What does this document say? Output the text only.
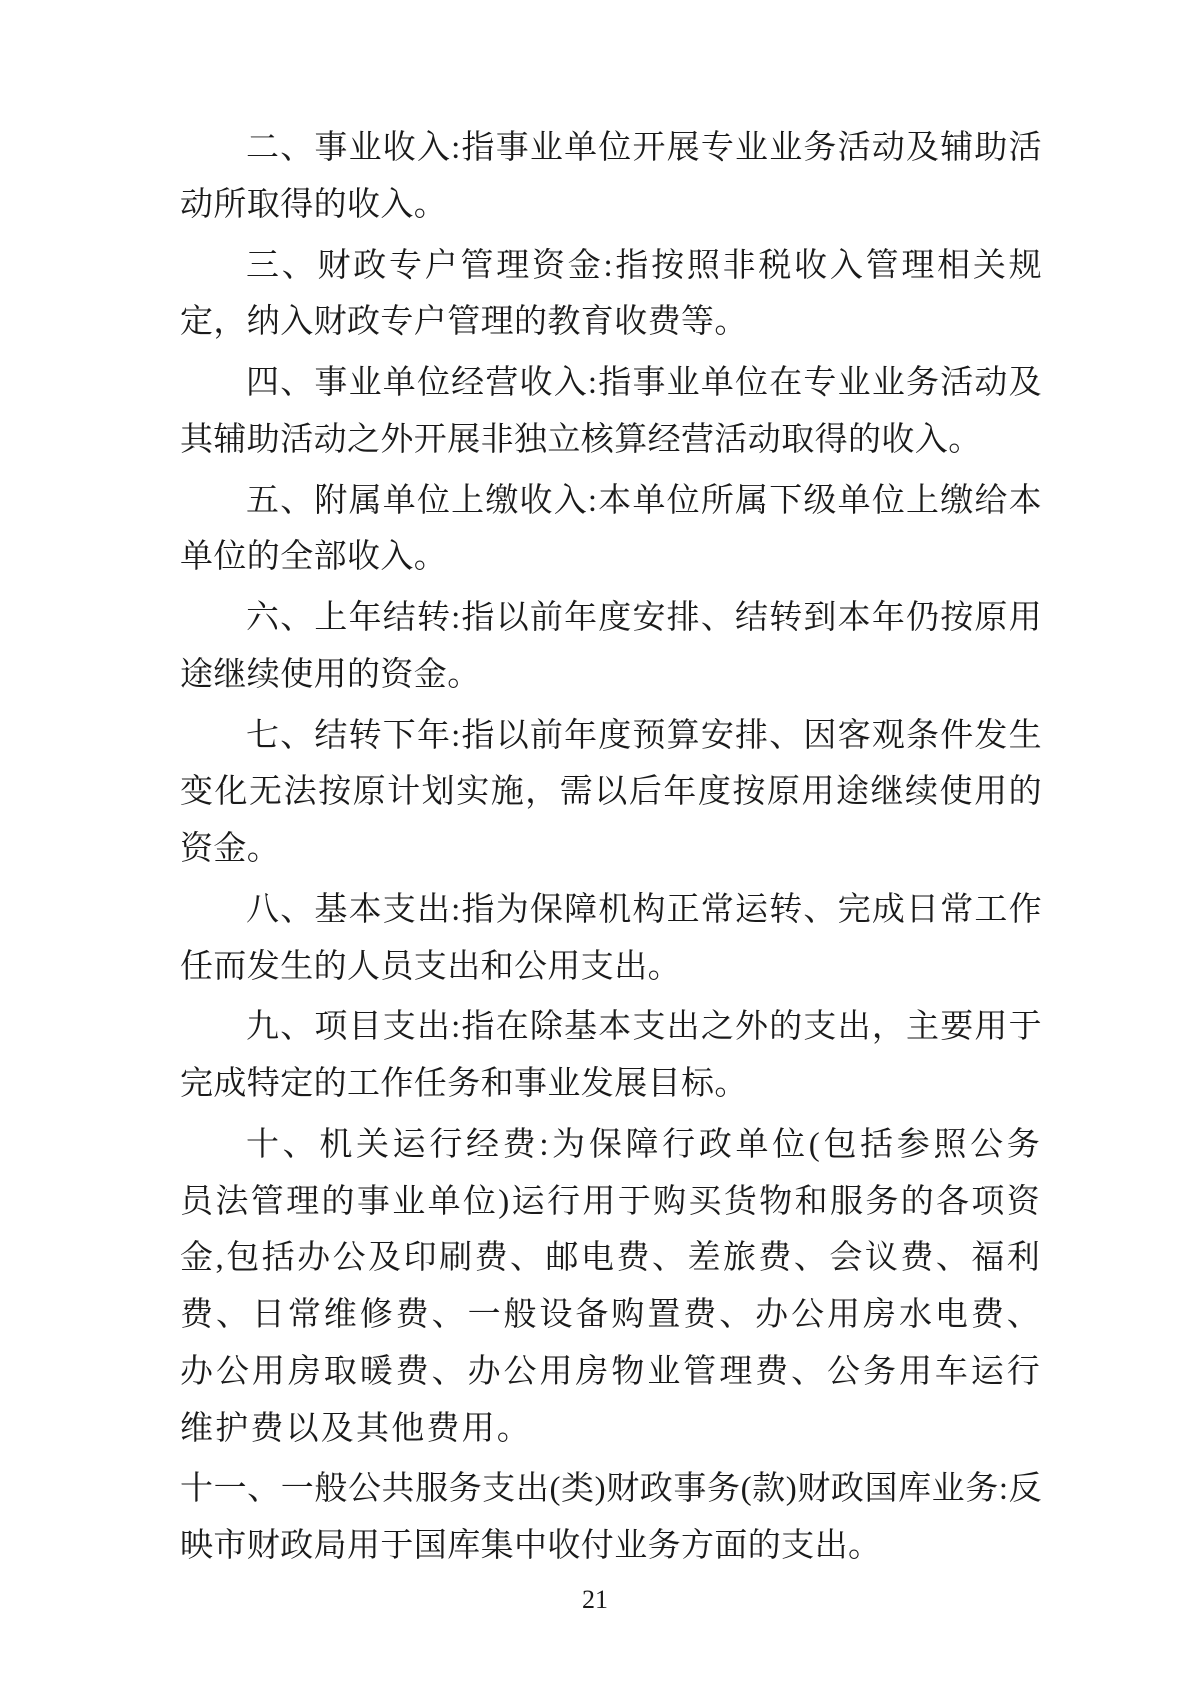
二、事业收入:指事业单位开展专业业务活动及辅助活动所取得的收入。

三、财政专户管理资金:指按照非税收入管理相关规定，纳入财政专户管理的教育收费等。

四、事业单位经营收入:指事业单位在专业业务活动及其辅助活动之外开展非独立核算经营活动取得的收入。

五、附属单位上缴收入:本单位所属下级单位上缴给本单位的全部收入。

六、上年结转:指以前年度安排、结转到本年仍按原用途继续使用的资金。

七、结转下年:指以前年度预算安排、因客观条件发生变化无法按原计划实施，需以后年度按原用途继续使用的资金。

八、基本支出:指为保障机构正常运转、完成日常工作任而发生的人员支出和公用支出。

九、项目支出:指在除基本支出之外的支出，主要用于完成特定的工作任务和事业发展目标。

十、机关运行经费:为保障行政单位(包括参照公务员法管理的事业单位)运行用于购买货物和服务的各项资金,包括办公及印刷费、邮电费、差旅费、会议费、福利费、日常维修费、一般设备购置费、办公用房水电费、办公用房取暖费、办公用房物业管理费、公务用车运行维护费以及其他费用。

十一、一般公共服务支出(类)财政事务(款)财政国库业务:反映市财政局用于国库集中收付业务方面的支出。

21
